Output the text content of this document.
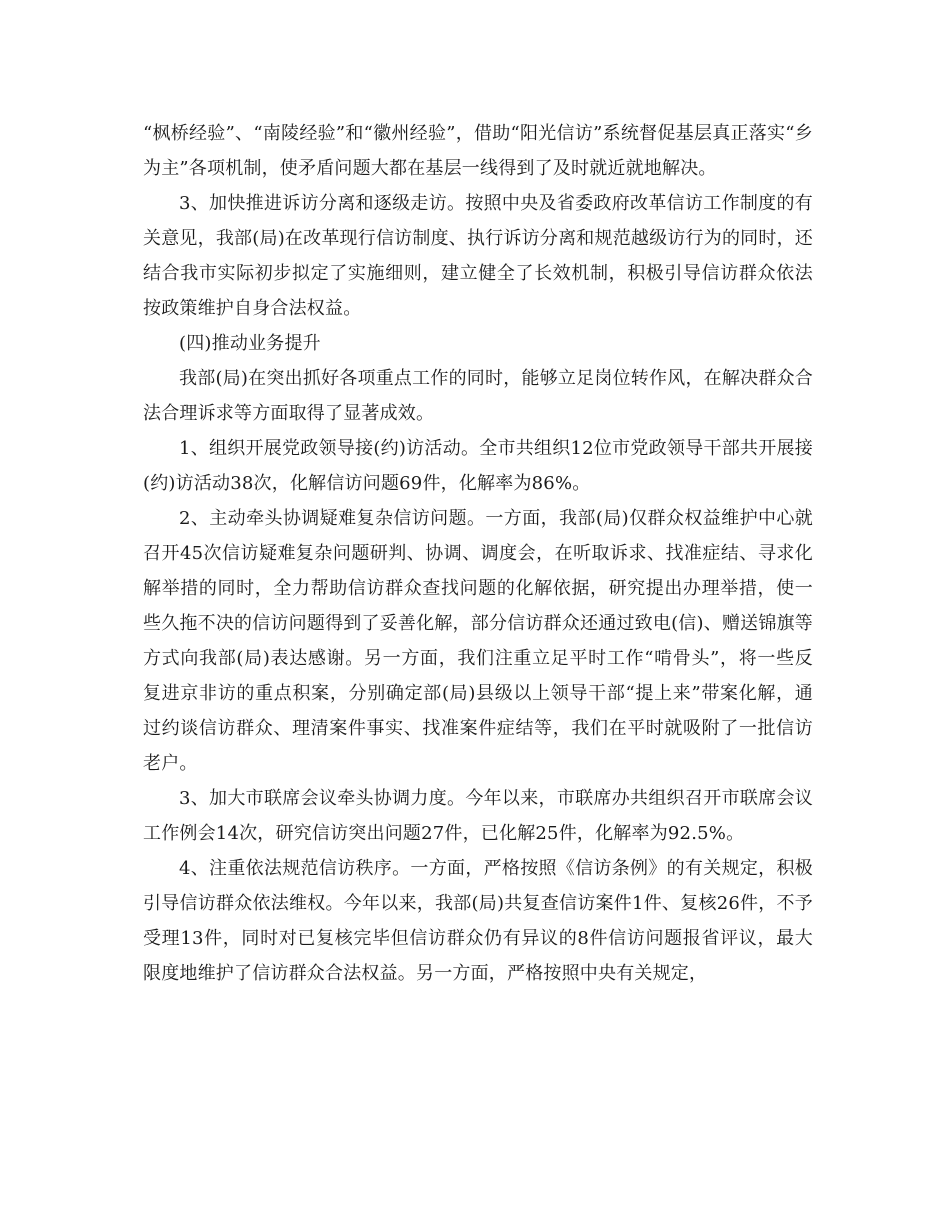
“枫桥经验”、“南陵经验”和“徽州经验”，借助“阳光信访”系统督促基层真正落实“乡为主”各项机制，使矛盾问题大都在基层一线得到了及时就近就地解决。

3、加快推进诉访分离和逐级走访。按照中央及省委政府改革信访工作制度的有关意见，我部(局)在改革现行信访制度、执行诉访分离和规范越级访行为的同时，还结合我市实际初步拟定了实施细则，建立健全了长效机制，积极引导信访群众依法按政策维护自身合法权益。

(四)推动业务提升

我部(局)在突出抓好各项重点工作的同时，能够立足岗位转作风，在解决群众合法合理诉求等方面取得了显著成效。

1、组织开展党政领导接(约)访活动。全市共组织12位市党政领导干部共开展接(约)访活动38次，化解信访问题69件，化解率为86%。

2、主动牵头协调疑难复杂信访问题。一方面，我部(局)仅群众权益维护中心就召开45次信访疑难复杂问题研判、协调、调度会，在听取诉求、找准症结、寻求化解举措的同时，全力帮助信访群众查找问题的化解依据，研究提出办理举措，使一些久拖不决的信访问题得到了妥善化解，部分信访群众还通过致电(信)、赠送锦旗等方式向我部(局)表达感谢。另一方面，我们注重立足平时工作“啃骨头”，将一些反复进京非访的重点积案，分别确定部(局)县级以上领导干部“提上来”带案化解，通过约谈信访群众、理清案件事实、找准案件症结等，我们在平时就吸附了一批信访老户。

3、加大市联席会议牵头协调力度。今年以来，市联席办共组织召开市联席会议工作例会14次，研究信访突出问题27件，已化解25件，化解率为92.5%。

4、注重依法规范信访秩序。一方面，严格按照《信访条例》的有关规定，积极引导信访群众依法维权。今年以来，我部(局)共复查信访案件1件、复核26件，不予受理13件，同时对已复核完毕但信访群众仍有异议的8件信访问题报省评议，最大限度地维护了信访群众合法权益。另一方面，严格按照中央有关规定，
